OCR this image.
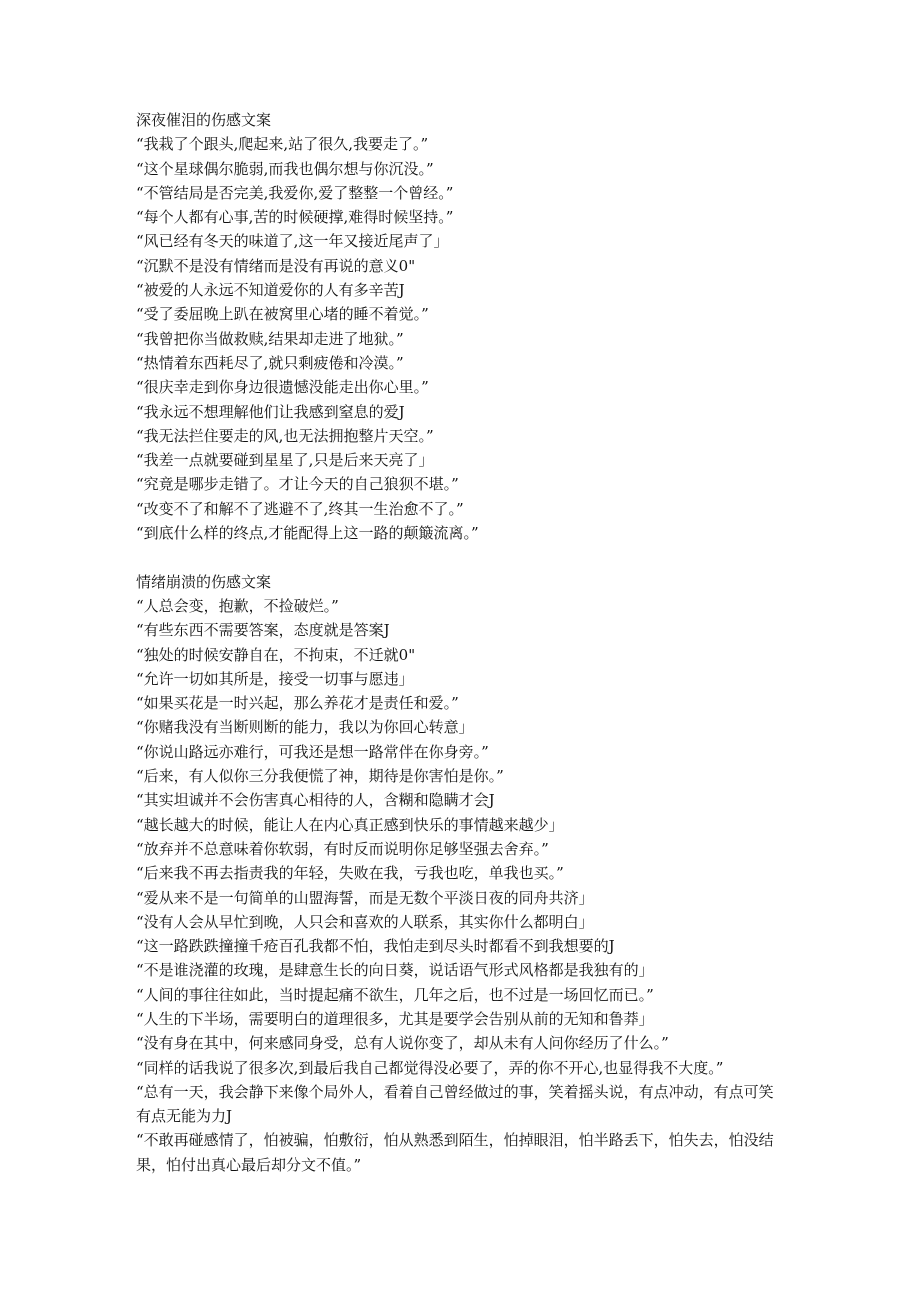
深夜催泪的伤感文案

“我栽了个跟头,爬起来,站了很久,我要走了。”

“这个星球偶尔脆弱,而我也偶尔想与你沉没。”

“不管结局是否完美,我爱你,爱了整整一个曾经。”

“每个人都有心事,苦的时候硬撑,难得时候坚持。”

“风已经有冬天的味道了,这一年又接近尾声了」

“沉默不是没有情绪而是没有再说的意义0"

“被爱的人永远不知道爱你的人有多辛苦J

“受了委屈晚上趴在被窝里心堵的睡不着觉。”

“我曾把你当做救赎,结果却走进了地狱。”

“热情着东西耗尽了,就只剩疲倦和冷漠。”

“很庆幸走到你身边很遗憾没能走出你心里。”

“我永远不想理解他们让我感到窒息的爱J

“我无法拦住要走的风,也无法拥抱整片天空。”

“我差一点就要碰到星星了,只是后来天亮了」

“究竟是哪步走错了。才让今天的自己狼狈不堪。”

“改变不了和解不了逃避不了,终其一生治愈不了。”

“到底什么样的终点,才能配得上这一路的颠簸流离。”

情绪崩溃的伤感文案

“人总会变，抱歉，不捡破烂。”

“有些东西不需要答案，态度就是答案J

“独处的时候安静自在，不拘束，不迁就0"

“允许一切如其所是，接受一切事与愿违」

“如果买花是一时兴起，那么养花才是责任和爱。”

“你赌我没有当断则断的能力，我以为你回心转意」

“你说山路远亦难行，可我还是想一路常伴在你身旁。”

“后来，有人似你三分我便慌了神，期待是你害怕是你。”

“其实坦诚并不会伤害真心相待的人，含糊和隐瞒才会J

“越长越大的时候，能让人在内心真正感到快乐的事情越来越少」

“放弃并不总意味着你软弱，有时反而说明你足够坚强去舍弃。”

“后来我不再去指责我的年轻，失败在我，亏我也吃，单我也买。”

“爱从来不是一句简单的山盟海誓，而是无数个平淡日夜的同舟共济」

“没有人会从早忙到晚，人只会和喜欢的人联系，其实你什么都明白」

“这一路跌跌撞撞千疮百孔我都不怕，我怕走到尽头时都看不到我想要的J

“不是谁浇灌的玫瑰，是肆意生长的向日葵，说话语气形式风格都是我独有的」

“人间的事往往如此，当时提起痛不欲生，几年之后，也不过是一场回忆而已。”

“人生的下半场，需要明白的道理很多，尤其是要学会告别从前的无知和鲁莽」

“没有身在其中，何来感同身受，总有人说你变了，却从未有人问你经历了什么。”

“同样的话我说了很多次,到最后我自己都觉得没必要了，弄的你不开心,也显得我不大度。”

“总有一天，我会静下来像个局外人，看着自己曾经做过的事，笑着摇头说，有点冲动，有点可笑有点无能为力J

“不敢再碰感情了，怕被骗，怕敷衍，怕从熟悉到陌生，怕掉眼泪，怕半路丢下，怕失去，怕没结果，怕付出真心最后却分文不值。”
